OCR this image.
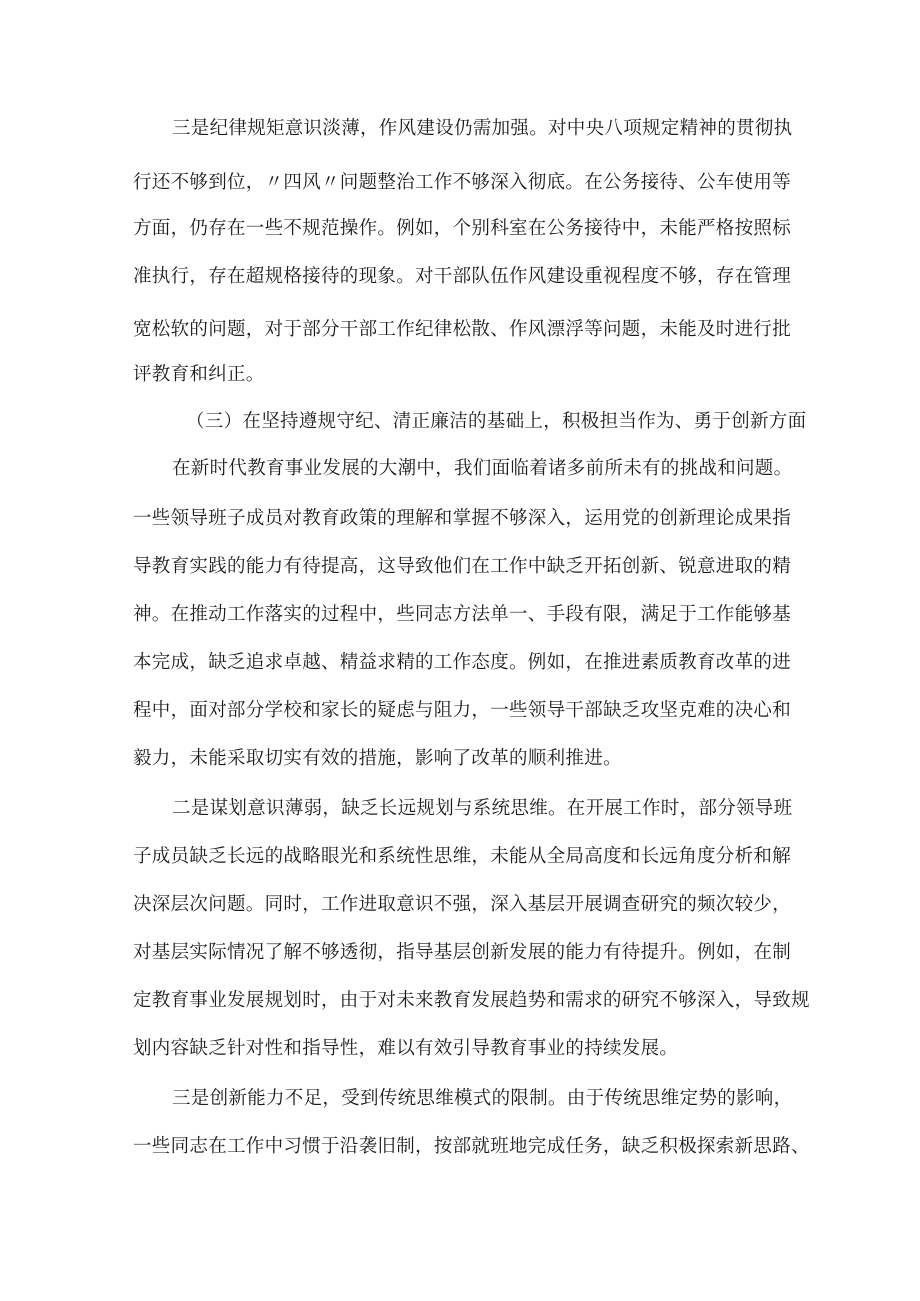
三是纪律规矩意识淡薄，作风建设仍需加强。对中央八项规定精神的贯彻执
行还不够到位，〃四风〃问题整治工作不够深入彻底。在公务接待、公车使用等
方面，仍存在一些不规范操作。例如，个别科室在公务接待中，未能严格按照标
准执行，存在超规格接待的现象。对干部队伍作风建设重视程度不够，存在管理
宽松软的问题，对于部分干部工作纪律松散、作风漂浮等问题，未能及时进行批
评教育和纠正。
（三）在坚持遵规守纪、清正廉洁的基础上，积极担当作为、勇于创新方面
在新时代教育事业发展的大潮中，我们面临着诸多前所未有的挑战和问题。
一些领导班子成员对教育政策的理解和掌握不够深入，运用党的创新理论成果指
导教育实践的能力有待提高，这导致他们在工作中缺乏开拓创新、锐意进取的精
神。在推动工作落实的过程中，些同志方法单一、手段有限，满足于工作能够基
本完成，缺乏追求卓越、精益求精的工作态度。例如，在推进素质教育改革的进
程中，面对部分学校和家长的疑虑与阻力，一些领导干部缺乏攻坚克难的决心和
毅力，未能采取切实有效的措施，影响了改革的顺利推进。
二是谋划意识薄弱，缺乏长远规划与系统思维。在开展工作时，部分领导班
子成员缺乏长远的战略眼光和系统性思维，未能从全局高度和长远角度分析和解
决深层次问题。同时，工作进取意识不强，深入基层开展调查研究的频次较少，
对基层实际情况了解不够透彻，指导基层创新发展的能力有待提升。例如，在制
定教育事业发展规划时，由于对未来教育发展趋势和需求的研究不够深入，导致规
划内容缺乏针对性和指导性，难以有效引导教育事业的持续发展。
三是创新能力不足，受到传统思维模式的限制。由于传统思维定势的影响，
一些同志在工作中习惯于沿袭旧制，按部就班地完成任务，缺乏积极探索新思路、
